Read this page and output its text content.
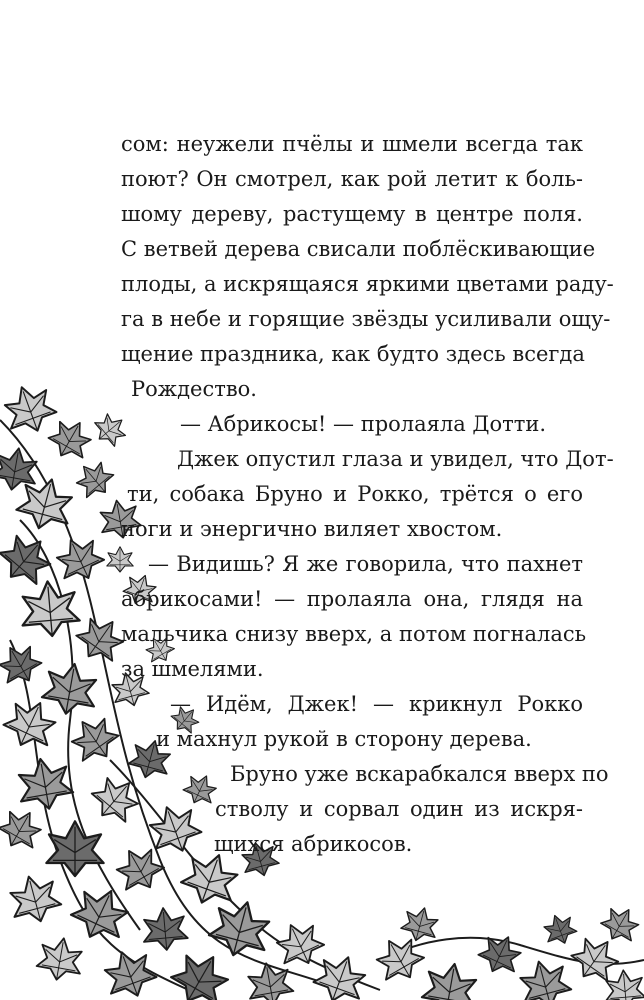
сом: неужели пчёлы и шмели всегда так

поют? Он смотрел, как рой летит к боль-

шому дереву, растущему в центре поля.

С ветвей дерева свисали поблёскивающие

плоды, а искрящаяся яркими цветами раду-

га в небе и горящие звёзды усиливали ощу-

щение праздника, как будто здесь всегда

Рождество.

— Абрикосы! — пролаяла Дотти.

Джек опустил глаза и увидел, что Дот-

ти, собака Бруно и Рокко, трётся о его

ноги и энергично виляет хвостом.

— Видишь? Я же говорила, что пахнет

абрикосами! — пролаяла она, глядя на

мальчика снизу вверх, а потом погналась

за шмелями.

— Идём, Джек! — крикнул Рокко

и махнул рукой в сторону дерева.

Бруно уже вскарабкался вверх по

стволу и сорвал один из искря-

щихся абрикосов.
